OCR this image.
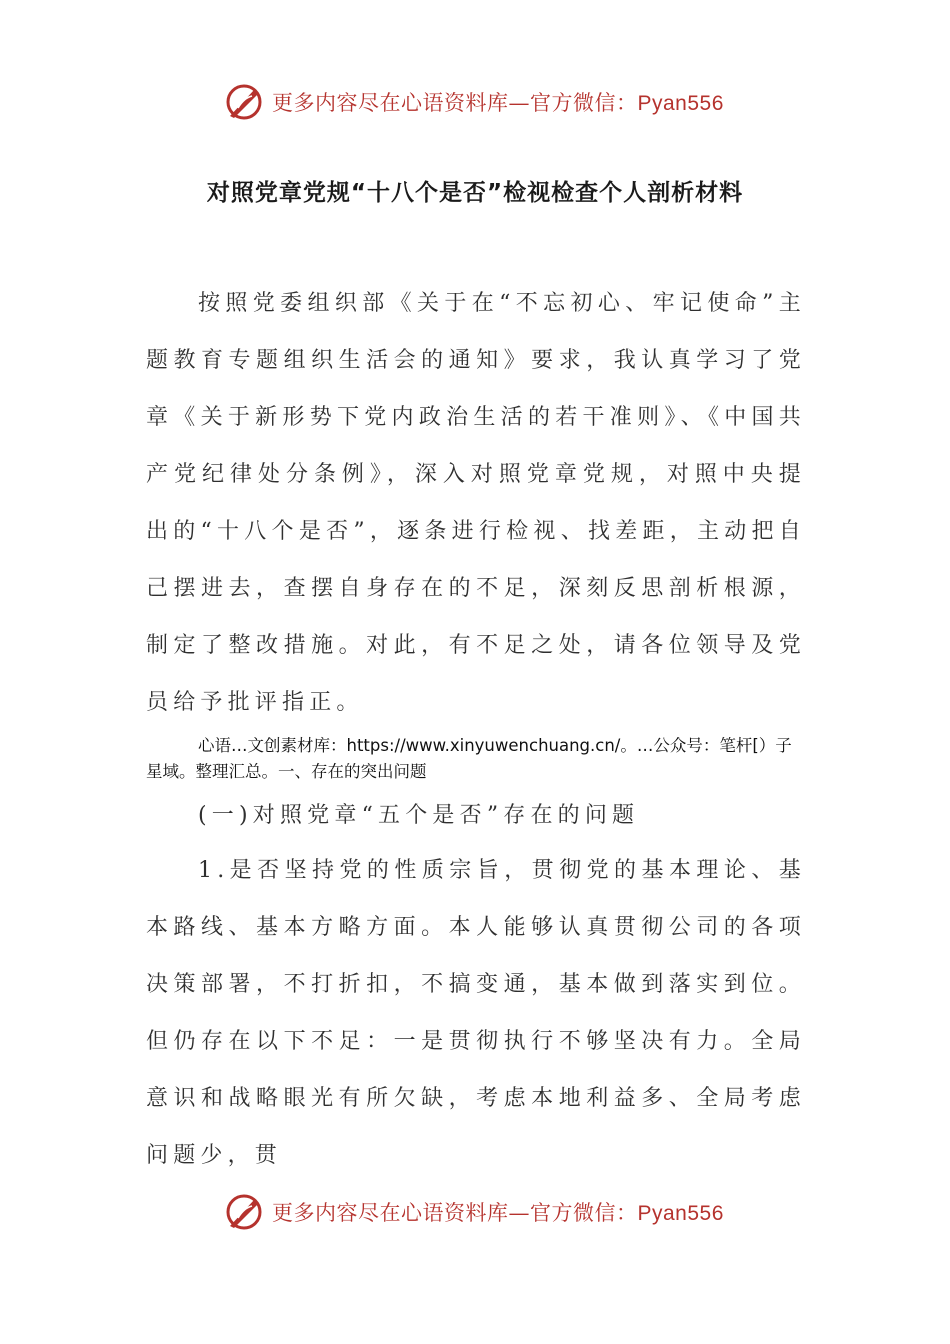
更多内容尽在心语资料库—官方微信：Pyan556
对照党章党规“十八个是否”检视检查个人剖析材料
按照党委组织部《关于在“不忘初心、牢记使命”主题教育专题组织生活会的通知》要求，我认真学习了党章《关于新形势下党内政治生活的若干准则》、《中国共产党纪律处分条例》，深入对照党章党规，对照中央提出的“十八个是否”，逐条进行检视、找差距，主动把自己摆进去，查摆自身存在的不足，深刻反思剖析根源，制定了整改措施。对此，有不足之处，请各位领导及党员给予批评指正。
心语…文创素材库：https://www.xinyuwenchuang.cn/。…公众号：笔杆[）子星域。整理汇总。一、存在的突出问题
(一)对照党章“五个是否”存在的问题
1.是否坚持党的性质宗旨，贯彻党的基本理论、基本路线、基本方略方面。本人能够认真贯彻公司的各项决策部署，不打折扣，不搞变通，基本做到落实到位。但仍存在以下不足：一是贯彻执行不够坚决有力。全局意识和战略眼光有所欠缺，考虑本地利益多、全局考虑问题少，贯
更多内容尽在心语资料库—官方微信：Pyan556
